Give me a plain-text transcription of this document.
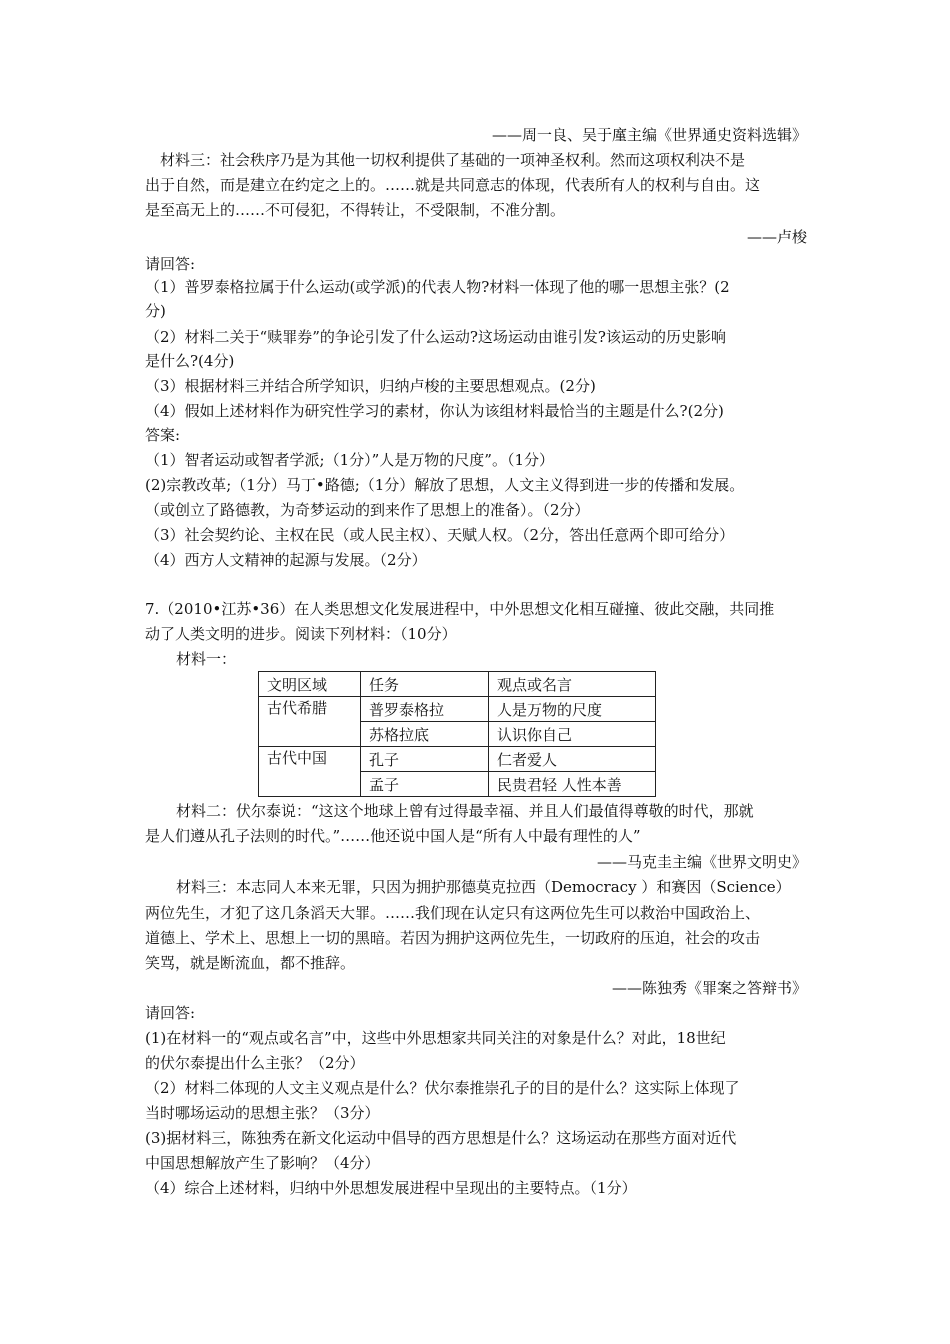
——周一良、吴于廑主编《世界通史资料选辑》
材料三：社会秩序乃是为其他一切权利提供了基础的一项神圣权利。然而这项权利决不是
出于自然，而是建立在约定之上的。……就是共同意志的体现，代表所有人的权利与自由。这
是至高无上的……不可侵犯，不得转让，不受限制，不准分割。
——卢梭
请回答:
（1）普罗泰格拉属于什么运动(或学派)的代表人物?材料一体现了他的哪一思想主张？(2
分)
（2）材料二关于“赎罪券”的争论引发了什么运动?这场运动由谁引发?该运动的历史影响
是什么?(4分)
（3）根据材料三并结合所学知识，归纳卢梭的主要思想观点。(2分)
（4）假如上述材料作为研究性学习的素材，你认为该组材料最恰当的主题是什么?(2分)
答案:
（1）智者运动或智者学派;（1分）”人是万物的尺度”。（1分）
(2)宗教改革;（1分）马丁•路德;（1分）解放了思想，人文主义得到进一步的传播和发展。
（或创立了路德教，为奇梦运动的到来作了思想上的准备）。（2分）
（3）社会契约论、主权在民（或人民主权）、天赋人权。（2分，答出任意两个即可给分）
（4）西方人文精神的起源与发展。（2分）
7.（2010•江苏•36）在人类思想文化发展进程中，中外思想文化相互碰撞、彼此交融，共同推
动了人类文明的进步。阅读下列材料：（10分）
材料一：
文明区域	任务	观点或名言
古代希腊	普罗泰格拉	人是万物的尺度
	苏格拉底	认识你自己
古代中国	孔子	仁者爱人
	孟子	民贵君轻 人性本善
材料二：伏尔泰说：“这这个地球上曾有过得最幸福、并且人们最值得尊敬的时代，那就
是人们遵从孔子法则的时代。”……他还说中国人是“所有人中最有理性的人”
——马克圭主编《世界文明史》
材料三：本志同人本来无罪，只因为拥护那德莫克拉西（Democracy ）和赛因（Science）
两位先生，才犯了这几条滔天大罪。……我们现在认定只有这两位先生可以救治中国政治上、
道德上、学术上、思想上一切的黑暗。若因为拥护这两位先生，一切政府的压迫，社会的攻击
笑骂，就是断流血，都不推辞。
——陈独秀《罪案之答辩书》
请回答:
(1)在材料一的“观点或名言”中，这些中外思想家共同关注的对象是什么？对此，18世纪
的伏尔泰提出什么主张？（2分）
（2）材料二体现的人文主义观点是什么？伏尔泰推崇孔子的目的是什么？这实际上体现了
当时哪场运动的思想主张？（3分）
(3)据材料三，陈独秀在新文化运动中倡导的西方思想是什么？这场运动在那些方面对近代
中国思想解放产生了影响？（4分）
（4）综合上述材料，归纳中外思想发展进程中呈现出的主要特点。（1分）
